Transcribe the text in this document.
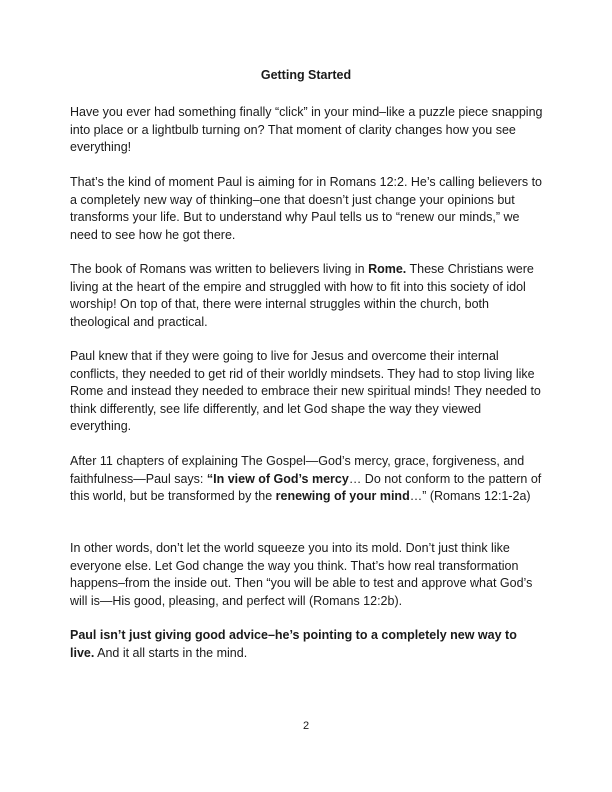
Getting Started

Have you ever had something finally “click” in your mind–like a puzzle piece snapping into place or a lightbulb turning on? That moment of clarity changes how you see everything!

That’s the kind of moment Paul is aiming for in Romans 12:2. He’s calling believers to a completely new way of thinking–one that doesn’t just change your opinions but transforms your life. But to understand why Paul tells us to “renew our minds,” we need to see how he got there.

The book of Romans was written to believers living in Rome. These Christians were living at the heart of the empire and struggled with how to fit into this society of idol worship! On top of that, there were internal struggles within the church, both theological and practical.

Paul knew that if they were going to live for Jesus and overcome their internal conflicts, they needed to get rid of their worldly mindsets. They had to stop living like Rome and instead they needed to embrace their new spiritual minds! They needed to think differently, see life differently, and let God shape the way they viewed everything.

After 11 chapters of explaining The Gospel—God’s mercy, grace, forgiveness, and faithfulness—Paul says: “In view of God’s mercy… Do not conform to the pattern of this world, but be transformed by the renewing of your mind…” (Romans 12:1-2a)

In other words, don’t let the world squeeze you into its mold. Don’t just think like everyone else. Let God change the way you think. That’s how real transformation happens–from the inside out. Then “you will be able to test and approve what God’s will is—His good, pleasing, and perfect will (Romans 12:2b).

Paul isn’t just giving good advice–he’s pointing to a completely new way to live. And it all starts in the mind.

2
